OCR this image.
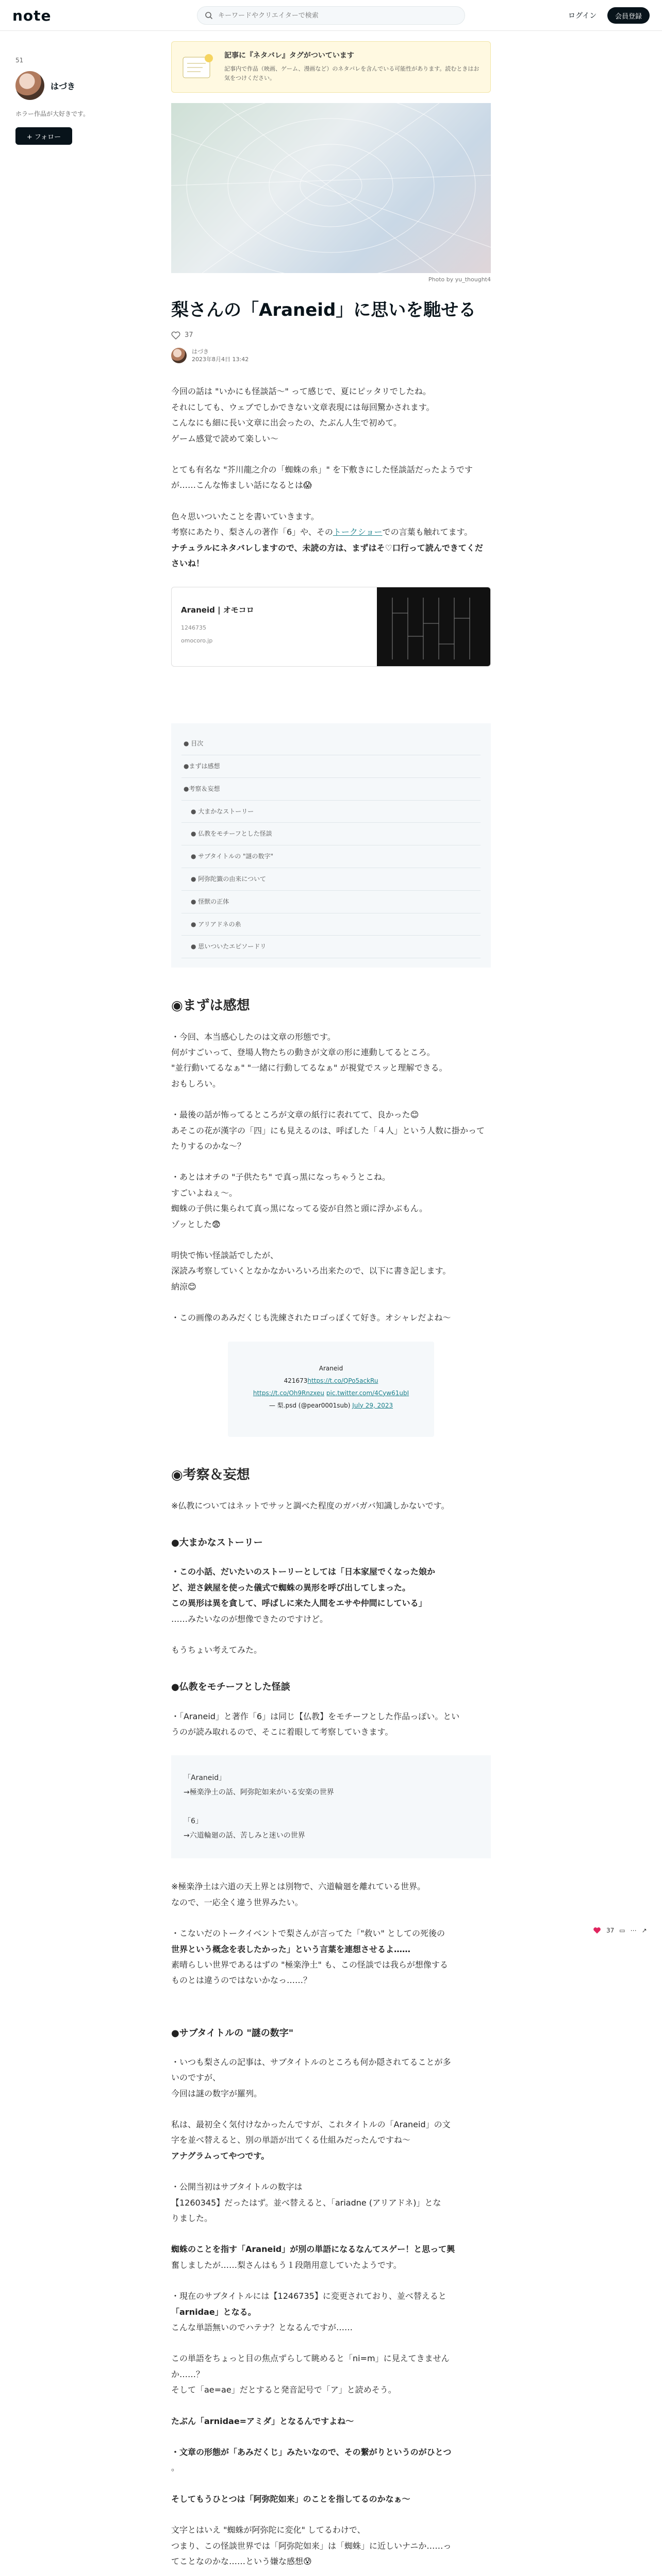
note
キーワードやクリエイターで検索	ログイン	会員登録
51
はづき
ホラー作品が大好きです。
+ フォロー
記事に『ネタバレ』タグがついています
記事内で作品（映画、ゲーム、漫画など）のネタバレを含んでいる可能性があります。読むときはお気をつけください。
Photo by yu_thought4
梨さんの「Araneid」に思いを馳せる
37
はづき
2023年8月4日 13:42

今回の話は "いかにも怪談話〜" って感じで、夏にピッタリでしたね。
それにしても、ウェブでしかできない文章表現には毎回驚かされます。
こんなにも細に長い文章に出会ったの、たぶん人生で初めて。
ゲーム感覚で読めて楽しい〜

とても有名な "芥川龍之介の「蜘蛛の糸」" を下敷きにした怪談話だったようですが……こんな怖ましい話になるとは😱

色々思いついたことを書いていきます。
考察にあたり、梨さんの著作「6」や、そのトークショーでの言葉も触れてます。
ナチュラルにネタバレしますので、未読の方は、まずはそ♡口行って読んできてくださいね！

Araneid | オモコロ
1246735
omocoro.jp
● 目次
●まずは感想
●考察＆妄想
● 大まかなストーリー
● 仏教をモチーフとした怪談
● サブタイトルの "謎の数字"
● 阿弥陀籤の由来について
● 怪獣の正体
● アリアドネの糸
● 思いついたエピソードリ
◉まずは感想

・今回、本当感心したのは文章の形態です。
何がすごいって、登場人物たちの動きが文章の形に連動してるところ。
"並行動いてるなぁ" "一緒に行動してるなぁ" が視覚でスッと理解できる。
おもしろい。

・最後の話が怖ってるところが文章の紙行に表れてて、良かった😊
あそこの花が漢字の「四」にも見えるのは、呼ばした「４人」という人数に掛かってたりするのかな〜？

・あとはオチの "子供たち" で真っ黒になっちゃうとこね。
すごいよねぇ〜。
蜘蛛の子供に集られて真っ黒になってる姿が自然と頭に浮かぶもん。
ゾッとした😨

明快で怖い怪談話でしたが、
深読み考察していくとなかなかいろいろ出来たので、以下に書き記します。
納涼😊

・この画像のあみだくじも洗練されたロゴっぽくて好き。オシャレだよね〜

Araneid
421673https://t.co/QPo5ackRu
https://t.co/Oh9Rnzxeu pic.twitter.com/4Cyw61ubI
— 梨.psd (@pear0001sub) July 29, 2023
◉考察＆妄想

※仏教についてはネットでサッと調べた程度のガバガバ知識しかないです。

●大まかなストーリー

・この小話、だいたいのストーリーとしては「日本家屋でくなった娘か
ど、逆さ鋏屋を使った儀式で蜘蛛の異形を呼び出してしまった。
この異形は異を貪して、呼ばしに来た人間をエサや仲間にしている」
……みたいなのが想像できたのですけど。

もうちょい考えてみた。

●仏教をモチーフとした怪談

・「Araneid」と著作「6」は同じ【仏教】をモチーフとした作品っぽい。とい
うのが読み取れるので、そこに着眼して考察していきます。

「Araneid」
→極楽浄土の話、阿弥陀如来がいる安楽の世界

「6」
→六道輪廻の話、苦しみと迷いの世界

※極楽浄土は六道の天上界とは別物で、六道輪廻を離れている世界。
なので、一応全く違う世界みたい。

・こないだのトークイベントで梨さんが言ってた「"救い" としての死後の
世界という概念を表したかった」という言葉を連想させるよ……
素晴らしい世界であるはずの "極楽浄土" も、この怪談では我らが想像する
ものとは違うのではないかなっ……？

●サブタイトルの "謎の数字"

・いつも梨さんの記事は、サブタイトルのところも何か隠されてることが多
いのですが、
今回は謎の数字が羅列。

私は、最初全く気付けなかったんですが、これタイトルの「Araneid」の文
字を並べ替えると、別の単語が出てくる仕組みだったんですね〜
アナグラムってやつです。

・公開当初はサブタイトルの数字は
【1260345】だったはず。並べ替えると、「ariadne (アリアドネ)」とな
りました。

蜘蛛のことを指す「Araneid」が別の単語になるなんてスゲー！と思って興
奮しましたが……梨さんはもう１段階用意していたようです。

・現在のサブタイトルには【1246735】に変更されており、並べ替えると
「arnidae」となる。
こんな単語無いのでハテナ？となるんですが……

この単語をちょっと目の焦点ずらして眺めると「ni=m」に見えてきません
か……？
そして「ae=ae」だとすると発音記号で「ア」と読めそう。

たぶん「arnidae=アミダ」となるんですよね〜

・文章の形態が「あみだくじ」みたいなので、その繋がりというのがひとつ
。

そしてもうひとつは「阿弥陀如来」のことを指してるのかなぁ〜

文字とはいえ "蜘蛛が阿弥陀に変化" してるわけで、
つまり、この怪談世界では「阿弥陀如来」は「蜘蛛」に近しいナニか……っ
てことなのかな……という嫌な感想😰

37 ▭ ⋯ ↗
